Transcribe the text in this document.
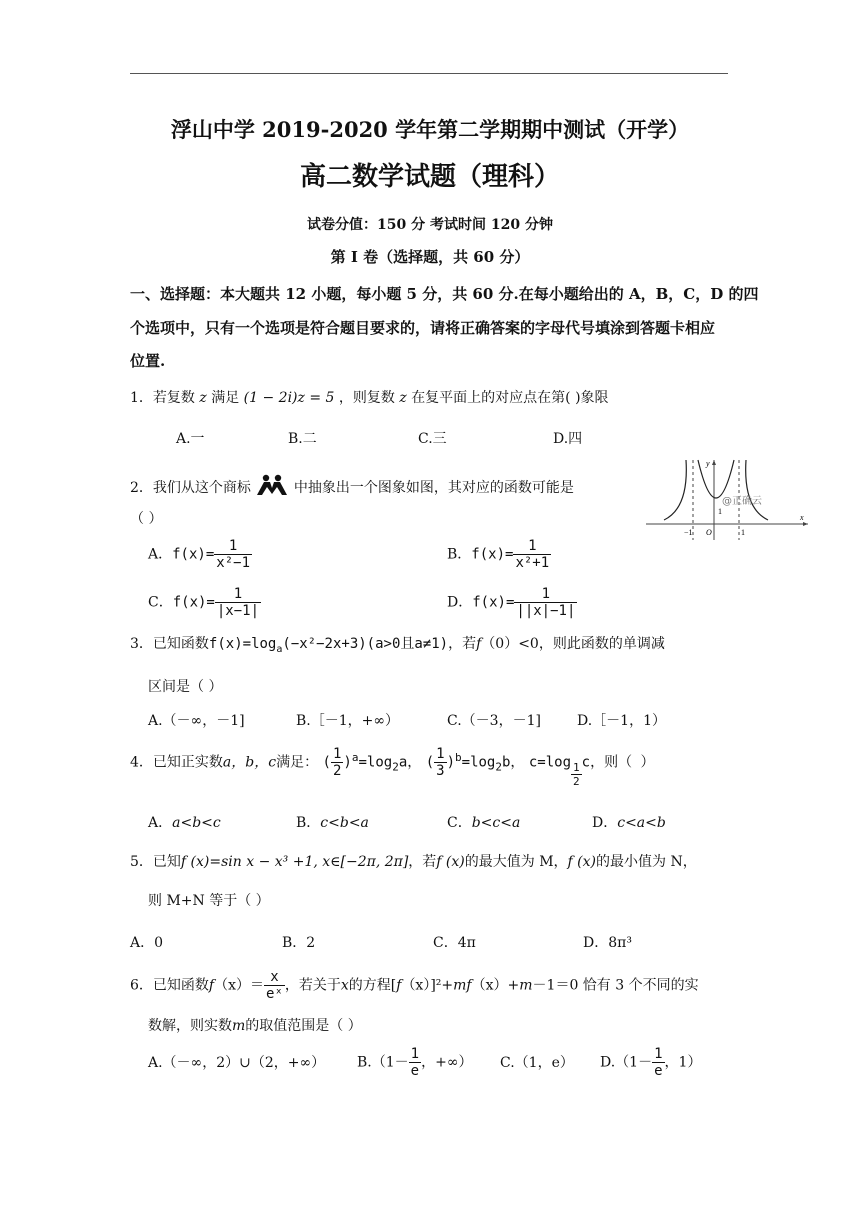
浮山中学 2019-2020 学年第二学期期中测试（开学）
高二数学试题（理科）
试卷分值：150 分 考试时间 120 分钟
第 I 卷（选择题，共 60 分）
一、选择题：本大题共 12 小题，每小题 5 分，共 60 分.在每小题给出的 A，B，C，D 的四
个选项中，只有一个选项是符合题目要求的，请将正确答案的字母代号填涂到答题卡相应
位置.
1．若复数 z 满足 (1 − 2i)z = 5 ，则复数 z 在复平面上的对应点在第( )象限
A.一	B.二	C.三	D.四
2．我们从这个商标	中抽象出一个图象如图，其对应的函数可能是
（ ）
y
x
−1 O	1
1
@正确云
A．$f(x)= \frac{1}{\text{x²−1}}$	B．$f(x)= \frac{1}{\text{x²+1}}$
C．$f(x)= \frac{1}{|x-1|}$	D．$f(x)= \frac{1}{||x|-1|}$
3．已知函数$f(x)=\log_a(-x^2-2x+3)(a>0$且a≠1)，若f（0）<0，则此函数的单调减
区间是（ ）
A.（－∞，－1]	B.［－1，+∞）	C.（－3，－1]	D.［－1，1）
4．已知正实数a，b，c满足： ( $\frac{1}{2} )^a=\log_2a$， ( $\frac{1}{3} )^b=\log_2b$， $c=\log \frac{1}{2}$ c，则（ ）
A．a<b<c	B．c<b<a	C．b<c<a	D．c<a<b
5．已知f (x)=sin x − x³ +1, x∈[−2π, 2π]，若f (x)的最大值为 M，f (x)的最小值为 N，
则 M+N 等于（ ）
A．0	B．2	C．4π	D．8π³
6．已知函数$f(x)= \frac{x}{\text{eˣ}}$ ，若关于x的方程[f（x）]²+mf（x）+m－1＝0 恰有 3 个不同的实
数解，则实数m的取值范围是（ ）
A.（－∞，2）∪（2，+∞） $B.(1- \frac{1}{e}$ ，+∞） C.（1，e） $D.(1- \frac{1}{e}$ ，1）
